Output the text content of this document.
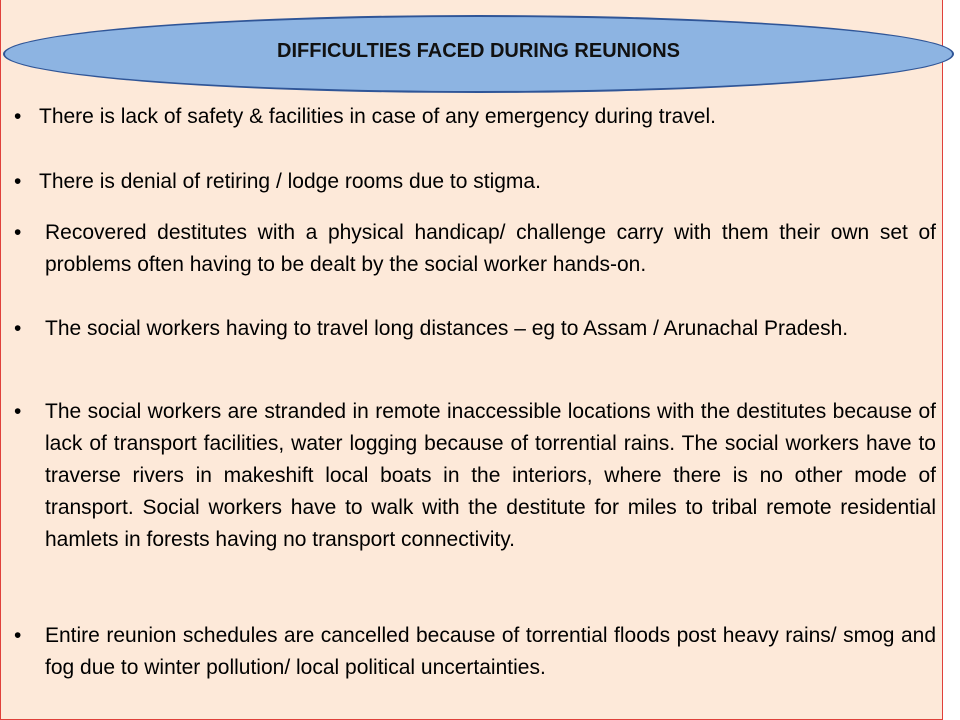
DIFFICULTIES FACED DURING REUNIONS
• There is lack of safety & facilities in case of any emergency during travel.
• There is denial of retiring / lodge rooms due to stigma.
• Recovered destitutes with a physical handicap/ challenge carry with them their own set of problems often having to be dealt by the social worker hands-on.
• The social workers having to travel long distances – eg to Assam / Arunachal Pradesh.
• The social workers are stranded in remote inaccessible locations with the destitutes because of lack of transport facilities, water logging because of torrential rains. The social workers have to traverse rivers in makeshift local boats in the interiors, where there is no other mode of transport. Social workers have to walk with the destitute for miles to tribal remote residential hamlets in forests having no transport connectivity.
• Entire reunion schedules are cancelled because of torrential floods post heavy rains/ smog and fog due to winter pollution/ local political uncertainties.
